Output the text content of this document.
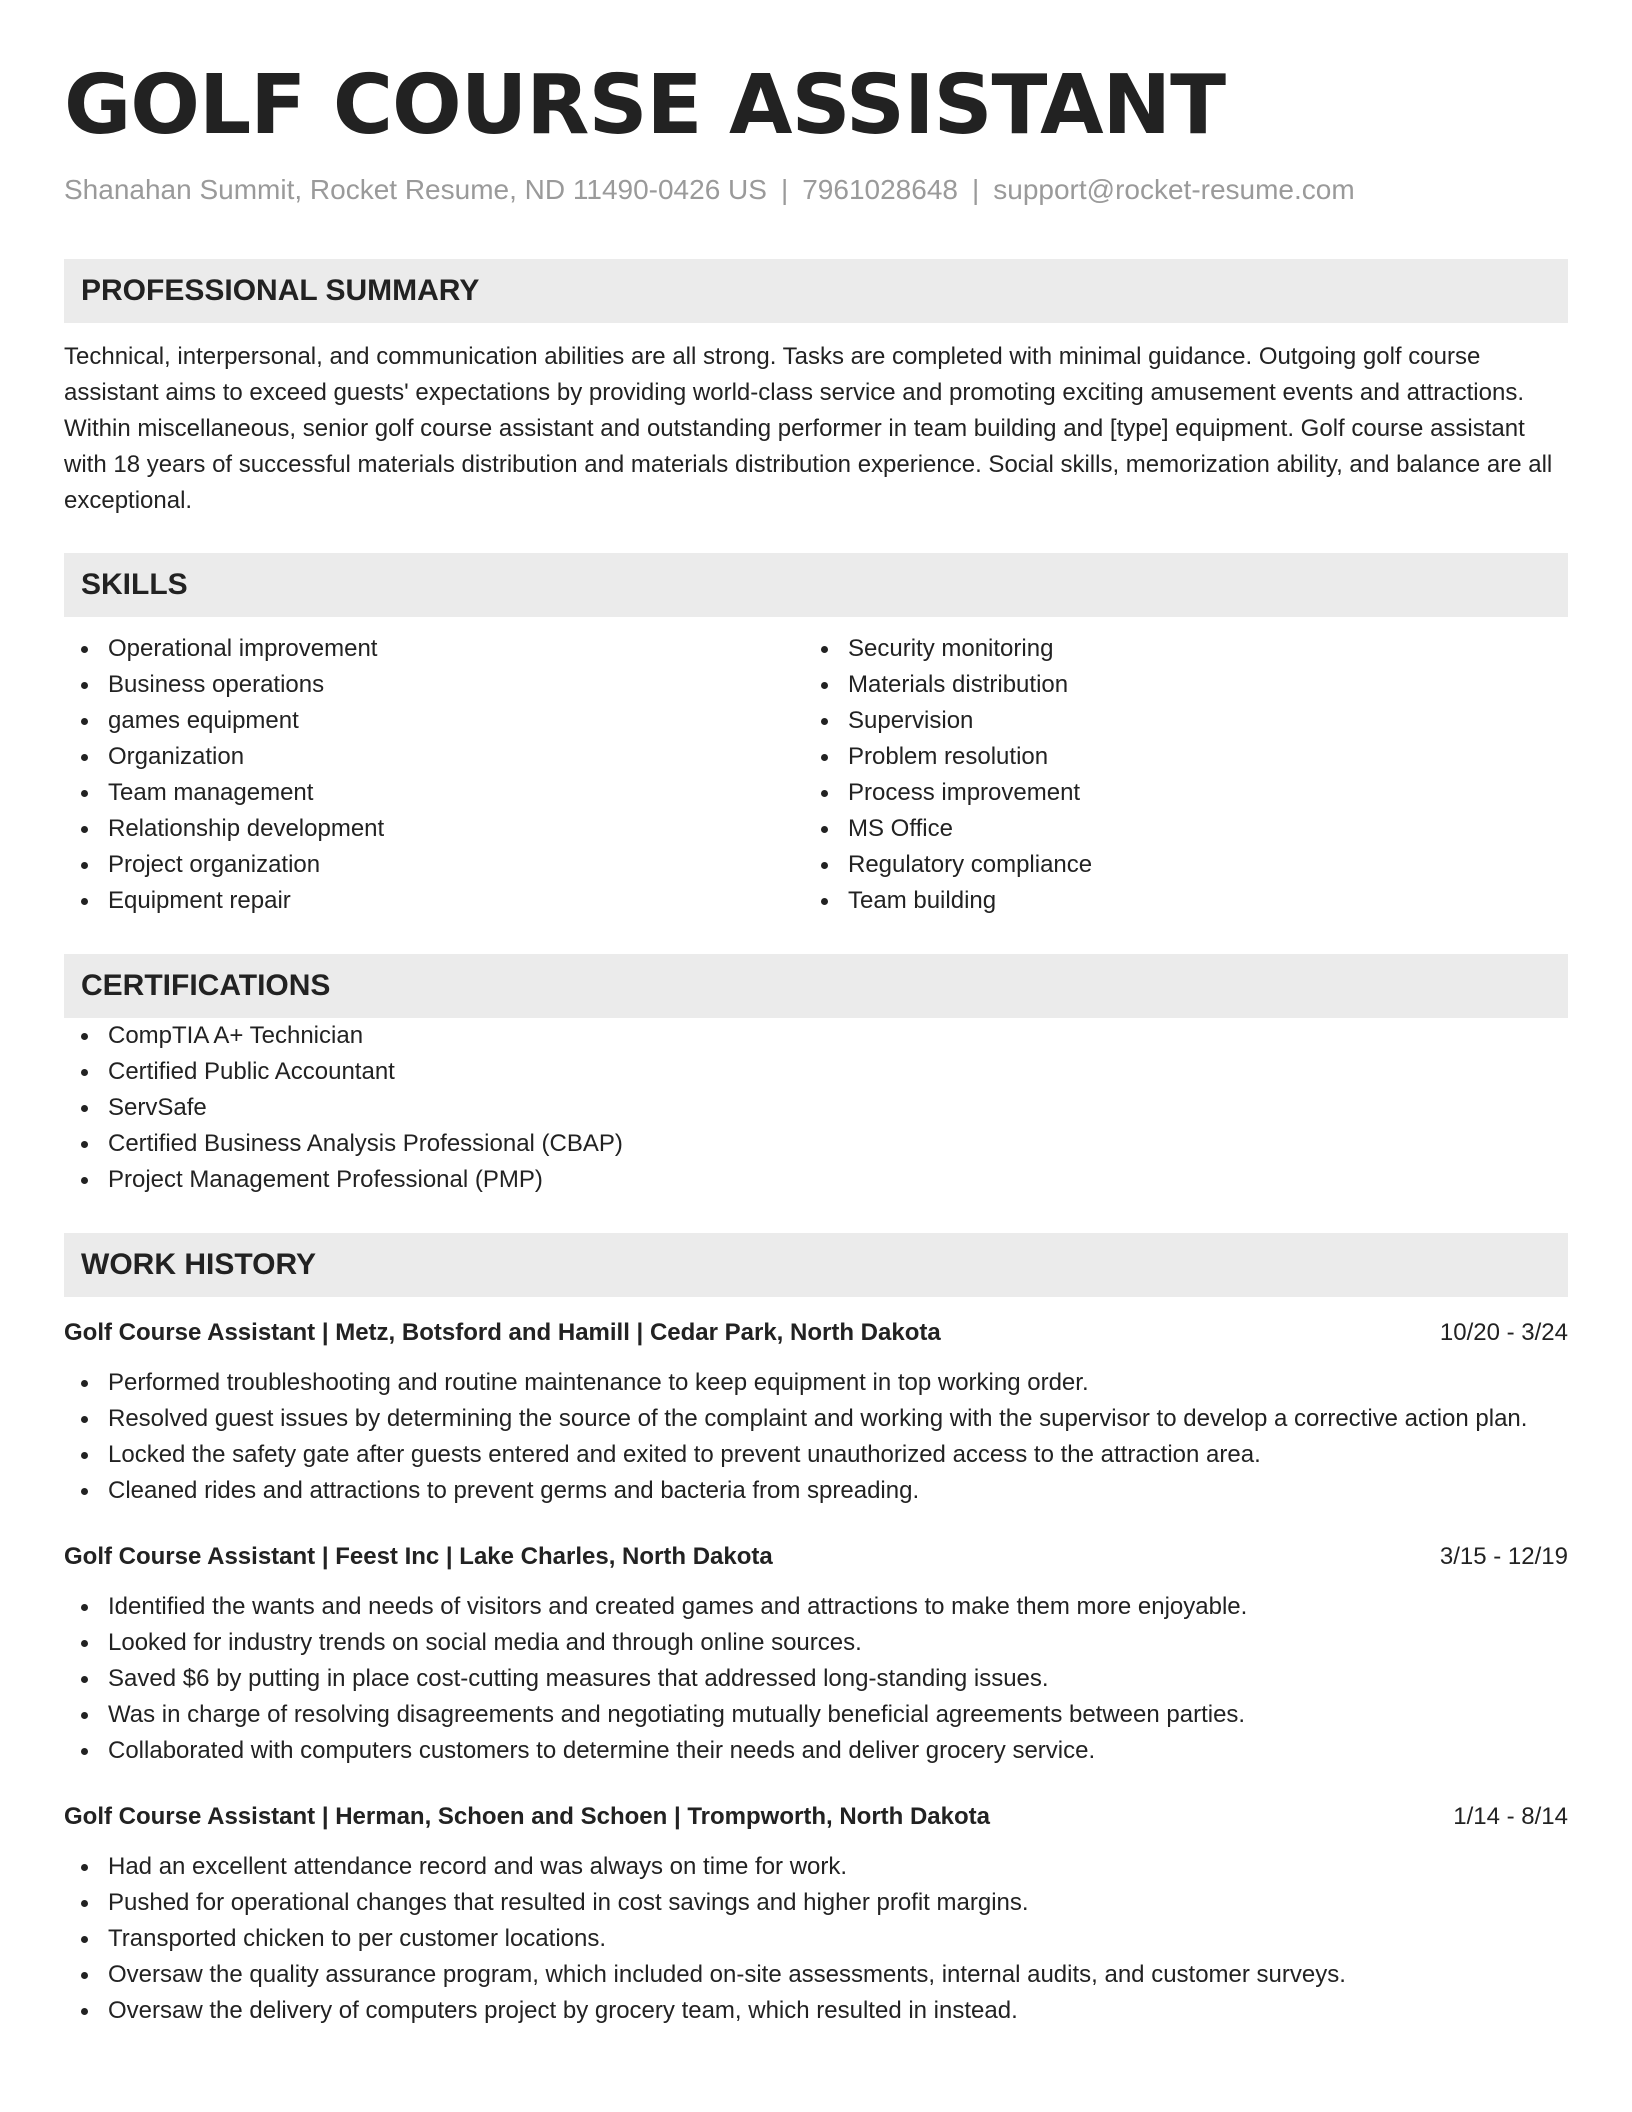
GOLF COURSE ASSISTANT
Shanahan Summit, Rocket Resume, ND 11490-0426 US | 7961028648 | support@rocket-resume.com
PROFESSIONAL SUMMARY

Technical, interpersonal, and communication abilities are all strong. Tasks are completed with minimal guidance. Outgoing golf course assistant aims to exceed guests' expectations by providing world-class service and promoting exciting amusement events and attractions. Within miscellaneous, senior golf course assistant and outstanding performer in team building and [type] equipment. Golf course assistant with 18 years of successful materials distribution and materials distribution experience. Social skills, memorization ability, and balance are all exceptional.

SKILLS
Operational improvement
Business operations
games equipment
Organization
Team management
Relationship development
Project organization
Equipment repair
Security monitoring
Materials distribution
Supervision
Problem resolution
Process improvement
MS Office
Regulatory compliance
Team building
CERTIFICATIONS
CompTIA A+ Technician
Certified Public Accountant
ServSafe
Certified Business Analysis Professional (CBAP)
Project Management Professional (PMP)
WORK HISTORY
Golf Course Assistant | Metz, Botsford and Hamill | Cedar Park, North Dakota	10/20 - 3/24
Performed troubleshooting and routine maintenance to keep equipment in top working order.
Resolved guest issues by determining the source of the complaint and working with the supervisor to develop a corrective action plan.
Locked the safety gate after guests entered and exited to prevent unauthorized access to the attraction area.
Cleaned rides and attractions to prevent germs and bacteria from spreading.
Golf Course Assistant | Feest Inc | Lake Charles, North Dakota	3/15 - 12/19
Identified the wants and needs of visitors and created games and attractions to make them more enjoyable.
Looked for industry trends on social media and through online sources.
Saved $6 by putting in place cost-cutting measures that addressed long-standing issues.
Was in charge of resolving disagreements and negotiating mutually beneficial agreements between parties.
Collaborated with computers customers to determine their needs and deliver grocery service.
Golf Course Assistant | Herman, Schoen and Schoen | Trompworth, North Dakota	1/14 - 8/14
Had an excellent attendance record and was always on time for work.
Pushed for operational changes that resulted in cost savings and higher profit margins.
Transported chicken to per customer locations.
Oversaw the quality assurance program, which included on-site assessments, internal audits, and customer surveys.
Oversaw the delivery of computers project by grocery team, which resulted in instead.
